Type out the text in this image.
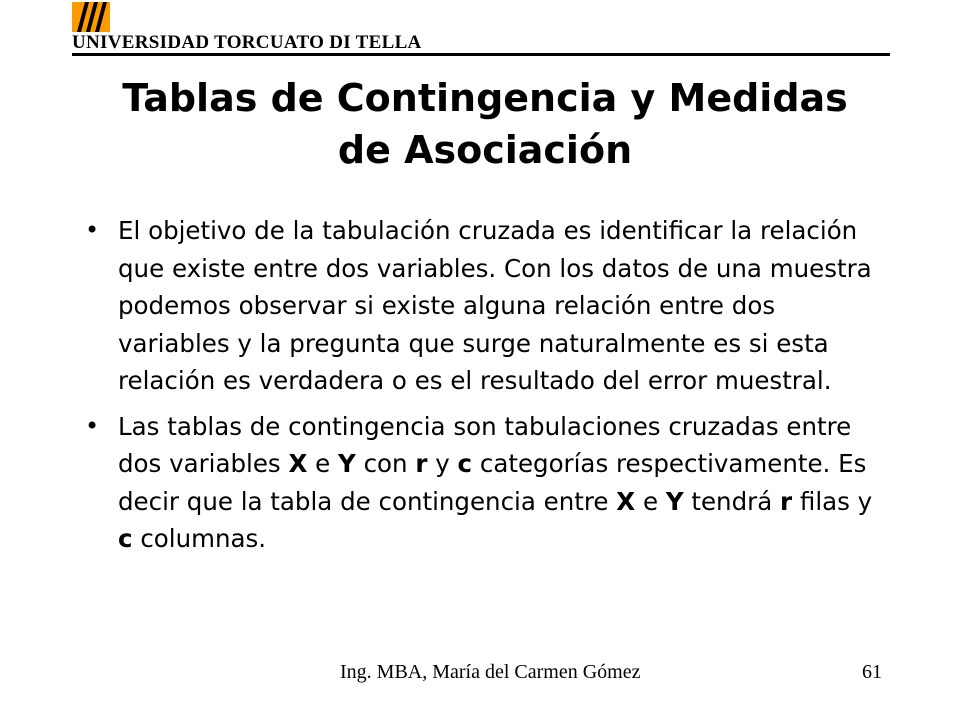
UNIVERSIDAD TORCUATO DI TELLA
Tablas de Contingencia y Medidas
de Asociación
• El objetivo de la tabulación cruzada es identificar la relación que existe entre dos variables. Con los datos de una muestra podemos observar si existe alguna relación entre dos variables y la pregunta que surge naturalmente es si esta relación es verdadera o es el resultado del error muestral.
• Las tablas de contingencia son tabulaciones cruzadas entre dos variables X e Y con r y c categorías respectivamente. Es decir que la tabla de contingencia entre X e Y tendrá r filas y c columnas.
Ing. MBA, María del Carmen Gómez	61
